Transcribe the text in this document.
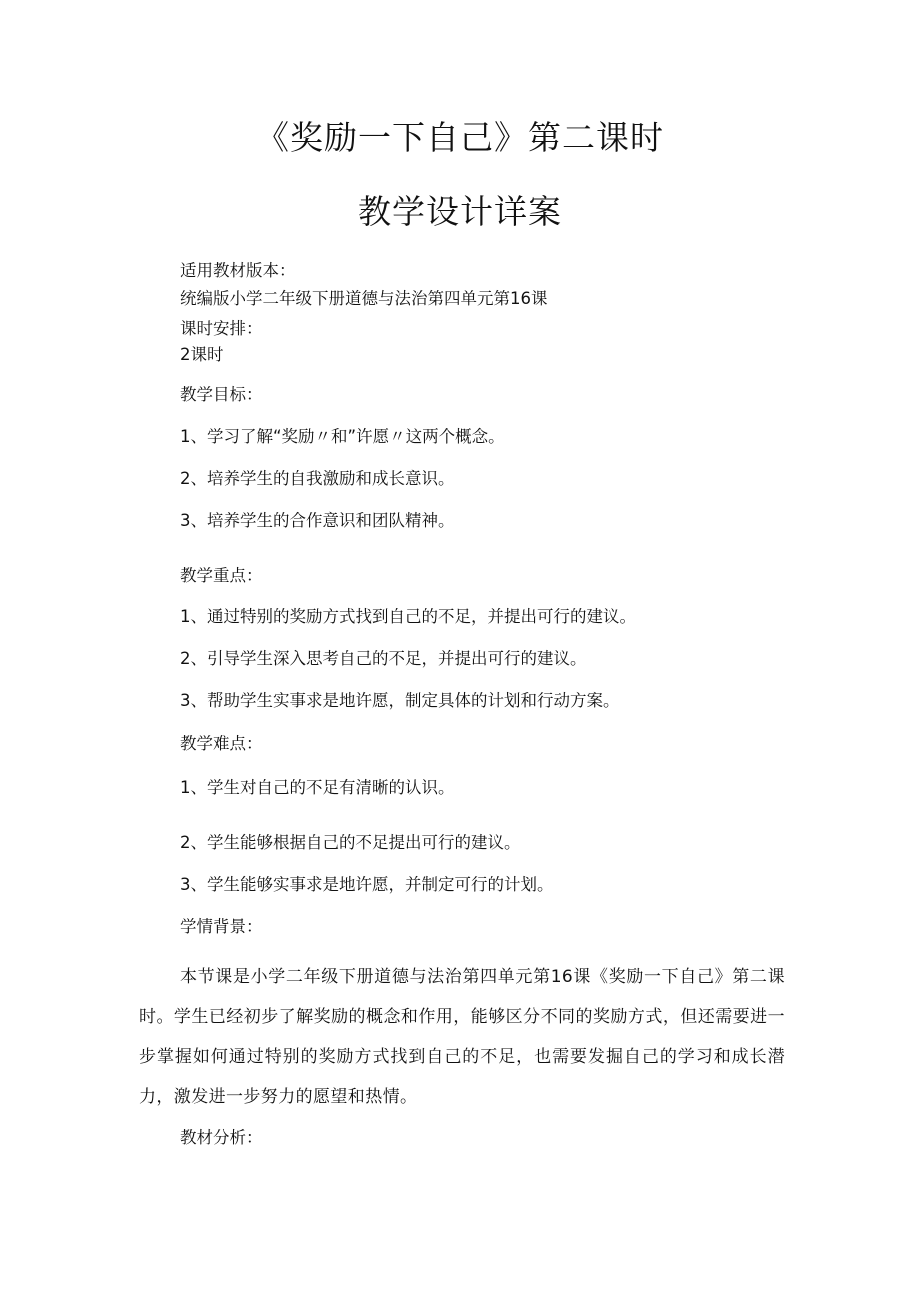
《奖励一下自己》第二课时
教学设计详案
适用教材版本：
统编版小学二年级下册道德与法治第四单元第16课
课时安排：
2课时
教学目标：
1、学习了解“奖励〃和”许愿〃这两个概念。
2、培养学生的自我激励和成长意识。
3、培养学生的合作意识和团队精神。
教学重点：
1、通过特别的奖励方式找到自己的不足，并提出可行的建议。
2、引导学生深入思考自己的不足，并提出可行的建议。
3、帮助学生实事求是地许愿，制定具体的计划和行动方案。
教学难点：
1、学生对自己的不足有清晰的认识。
2、学生能够根据自己的不足提出可行的建议。
3、学生能够实事求是地许愿，并制定可行的计划。
学情背景：
本节课是小学二年级下册道德与法治第四单元第16课《奖励一下自己》第二课时。学生已经初步了解奖励的概念和作用，能够区分不同的奖励方式，但还需要进一步掌握如何通过特别的奖励方式找到自己的不足，也需要发掘自己的学习和成长潜力，激发进一步努力的愿望和热情。
教材分析：
